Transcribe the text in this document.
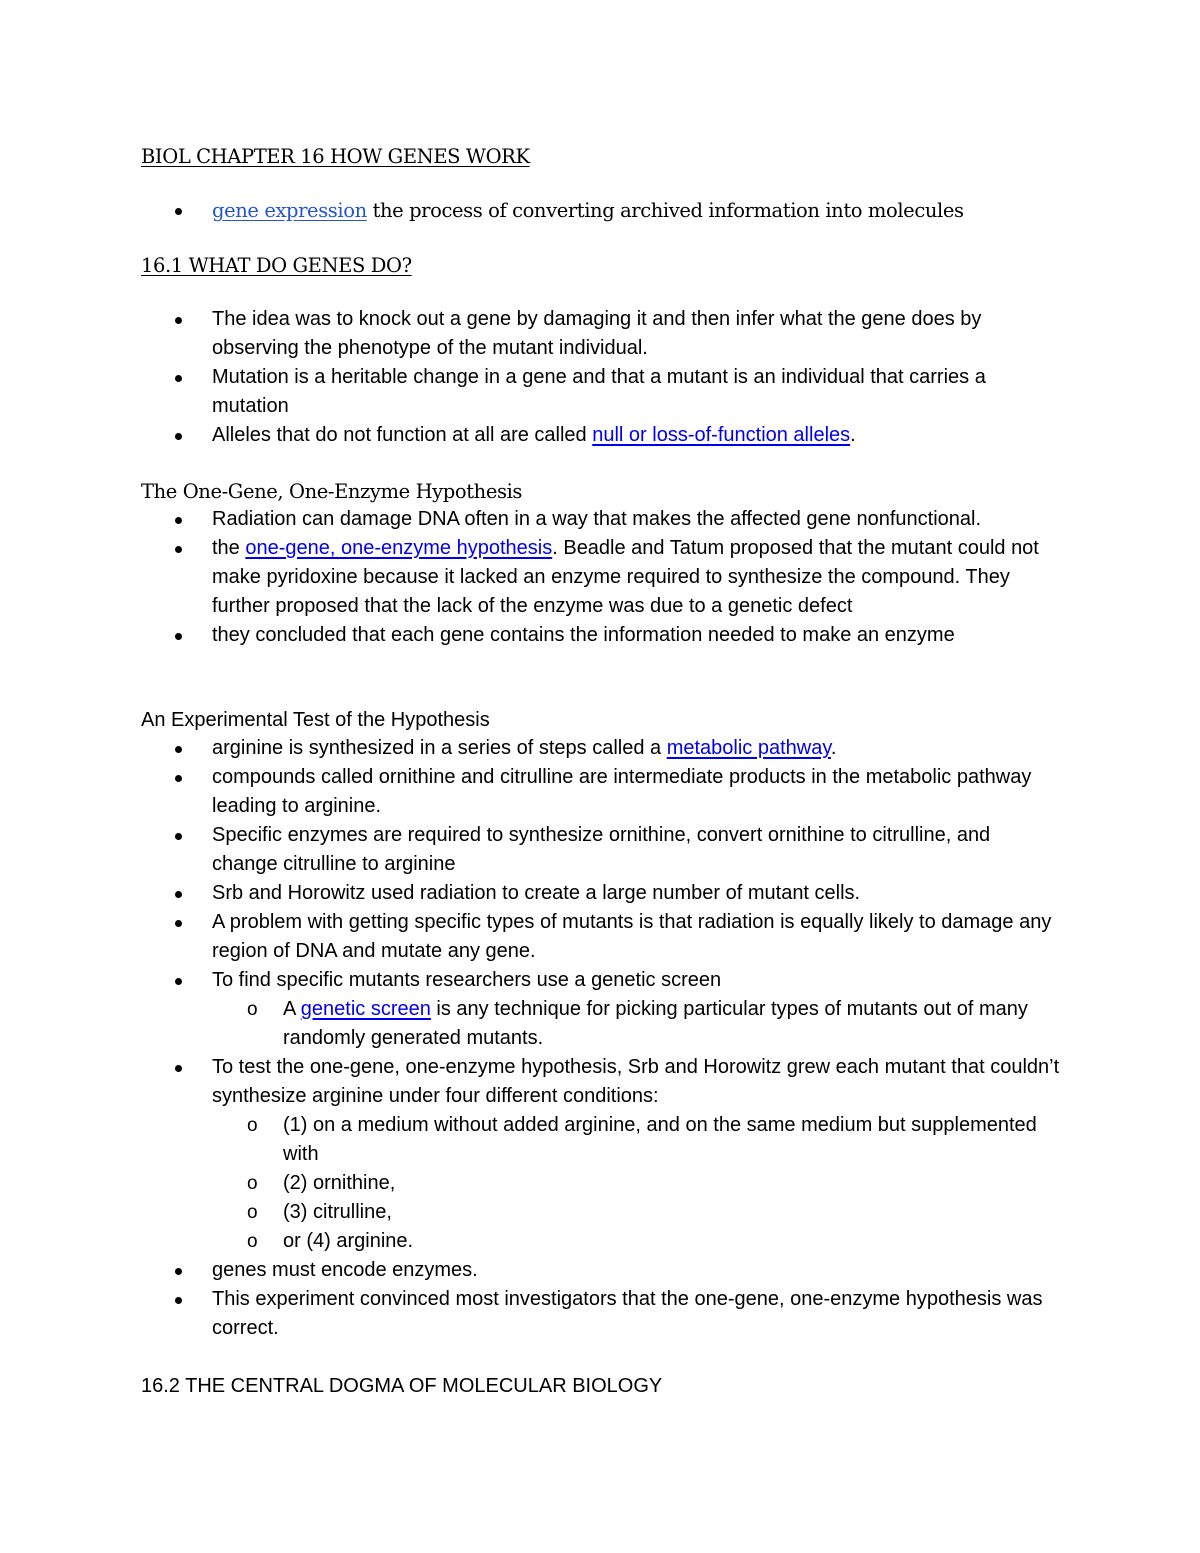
BIOL CHAPTER 16 HOW GENES WORK
gene expression the process of converting archived information into molecules
16.1 WHAT DO GENES DO?
The idea was to knock out a gene by damaging it and then infer what the gene does by observing the phenotype of the mutant individual.
Mutation is a heritable change in a gene and that a mutant is an individual that carries a mutation
Alleles that do not function at all are called null or loss-of-function alleles.
The One-Gene, One-Enzyme Hypothesis
Radiation can damage DNA often in a way that makes the affected gene nonfunctional.
the one-gene, one-enzyme hypothesis. Beadle and Tatum proposed that the mutant could not make pyridoxine because it lacked an enzyme required to synthesize the compound. They further proposed that the lack of the enzyme was due to a genetic defect
they concluded that each gene contains the information needed to make an enzyme
An Experimental Test of the Hypothesis
arginine is synthesized in a series of steps called a metabolic pathway.
compounds called ornithine and citrulline are intermediate products in the metabolic pathway leading to arginine.
Specific enzymes are required to synthesize ornithine, convert ornithine to citrulline, and change citrulline to arginine
Srb and Horowitz used radiation to create a large number of mutant cells.
A problem with getting specific types of mutants is that radiation is equally likely to damage any region of DNA and mutate any gene.
To find specific mutants researchers use a genetic screen
o A genetic screen is any technique for picking particular types of mutants out of many randomly generated mutants.
To test the one-gene, one-enzyme hypothesis, Srb and Horowitz grew each mutant that couldn’t synthesize arginine under four different conditions:
o (1) on a medium without added arginine, and on the same medium but supplemented with
o (2) ornithine,
o (3) citrulline,
o or (4) arginine.
genes must encode enzymes.
This experiment convinced most investigators that the one-gene, one-enzyme hypothesis was correct.
16.2 THE CENTRAL DOGMA OF MOLECULAR BIOLOGY
